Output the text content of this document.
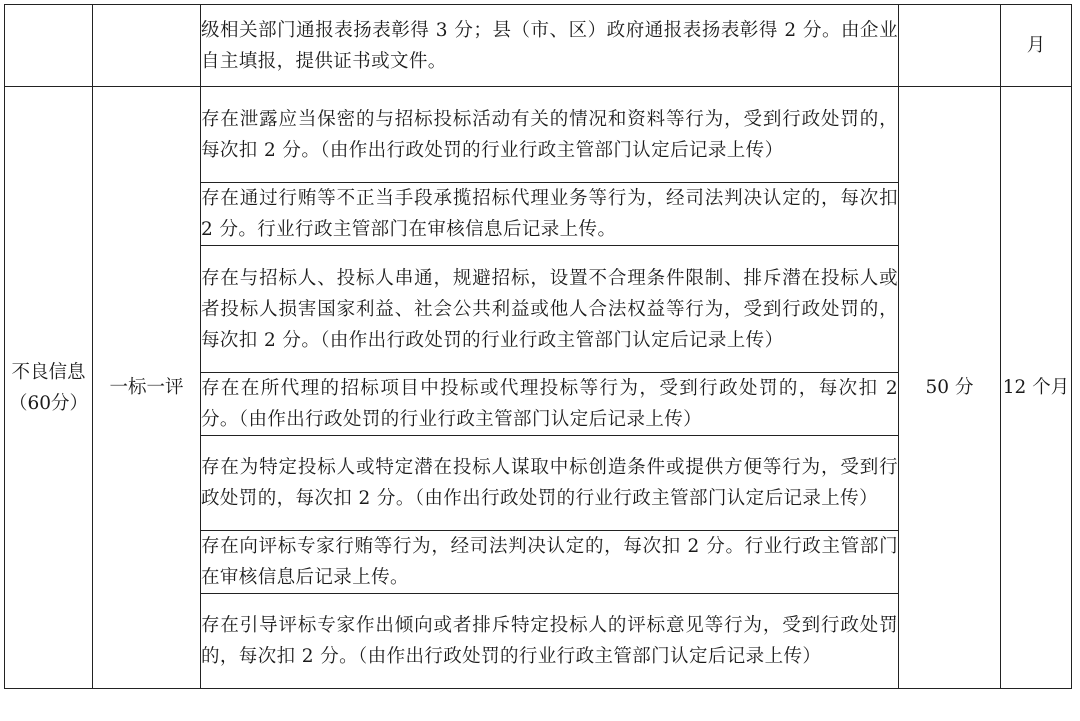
		级相关部门通报表扬表彰得 3 分；县（市、区）政府通报表扬表彰得 2 分。由企业自主填报，提供证书或文件。		月
不良信息（60分）	一标一评	存在泄露应当保密的与招标投标活动有关的情况和资料等行为，受到行政处罚的，每次扣 2 分。（由作出行政处罚的行业行政主管部门认定后记录上传）	50 分	12 个月
		存在通过行贿等不正当手段承揽招标代理业务等行为，经司法判决认定的，每次扣 2 分。行业行政主管部门在审核信息后记录上传。		
		存在与招标人、投标人串通，规避招标，设置不合理条件限制、排斥潜在投标人或者投标人损害国家利益、社会公共利益或他人合法权益等行为，受到行政处罚的，每次扣 2 分。（由作出行政处罚的行业行政主管部门认定后记录上传）		
		存在在所代理的招标项目中投标或代理投标等行为，受到行政处罚的，每次扣 2 分。（由作出行政处罚的行业行政主管部门认定后记录上传）		
		存在为特定投标人或特定潜在投标人谋取中标创造条件或提供方便等行为，受到行政处罚的，每次扣 2 分。（由作出行政处罚的行业行政主管部门认定后记录上传）		
		存在向评标专家行贿等行为，经司法判决认定的，每次扣 2 分。行业行政主管部门在审核信息后记录上传。		
		存在引导评标专家作出倾向或者排斥特定投标人的评标意见等行为，受到行政处罚的，每次扣 2 分。（由作出行政处罚的行业行政主管部门认定后记录上传）		
